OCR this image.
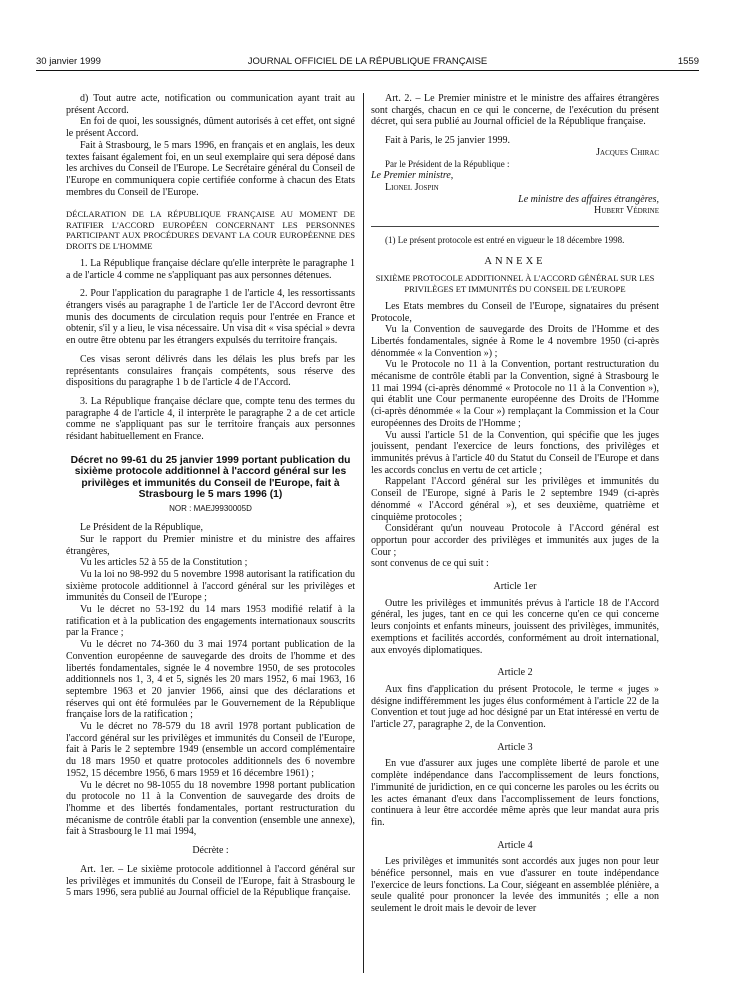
30 janvier 1999	JOURNAL OFFICIEL DE LA RÉPUBLIQUE FRANÇAISE	1559

d) Tout autre acte, notification ou communication ayant trait au présent Accord.

En foi de quoi, les soussignés, dûment autorisés à cet effet, ont signé le présent Accord.

Fait à Strasbourg, le 5 mars 1996, en français et en anglais, les deux textes faisant également foi, en un seul exemplaire qui sera déposé dans les archives du Conseil de l'Europe. Le Secrétaire général du Conseil de l'Europe en communiquera copie certifiée conforme à chacun des Etats membres du Conseil de l'Europe.

DÉCLARATION DE LA RÉPUBLIQUE FRANÇAISE AU MOMENT DE RATIFIER L'ACCORD EUROPÉEN CONCERNANT LES PERSONNES PARTICIPANT AUX PROCÉDURES DEVANT LA COUR EUROPÉENNE DES DROITS DE L'HOMME

1. La République française déclare qu'elle interprète le paragraphe 1 a de l'article 4 comme ne s'appliquant pas aux personnes détenues.

2. Pour l'application du paragraphe 1 de l'article 4, les ressortissants étrangers visés au paragraphe 1 de l'article 1er de l'Accord devront être munis des documents de circulation requis pour l'entrée en France et obtenir, s'il y a lieu, le visa nécessaire. Un visa dit « visa spécial » devra en outre être obtenu par les étrangers expulsés du territoire français.

Ces visas seront délivrés dans les délais les plus brefs par les représentants consulaires français compétents, sous réserve des dispositions du paragraphe 1 b de l'article 4 de l'Accord.

3. La République française déclare que, compte tenu des termes du paragraphe 4 de l'article 4, il interprète le paragraphe 2 a de cet article comme ne s'appliquant pas sur le territoire français aux personnes résidant habituellement en France.

Décret no 99-61 du 25 janvier 1999 portant publication du sixième protocole additionnel à l'accord général sur les privilèges et immunités du Conseil de l'Europe, fait à Strasbourg le 5 mars 1996 (1)

NOR : MAEJ9930005D

Le Président de la République,

Sur le rapport du Premier ministre et du ministre des affaires étrangères,

Vu les articles 52 à 55 de la Constitution ;

Vu la loi no 98-992 du 5 novembre 1998 autorisant la ratification du sixième protocole additionnel à l'accord général sur les privilèges et immunités du Conseil de l'Europe ;

Vu le décret no 53-192 du 14 mars 1953 modifié relatif à la ratification et à la publication des engagements internationaux souscrits par la France ;

Vu le décret no 74-360 du 3 mai 1974 portant publication de la Convention européenne de sauvegarde des droits de l'homme et des libertés fondamentales, signée le 4 novembre 1950, de ses protocoles additionnels nos 1, 3, 4 et 5, signés les 20 mars 1952, 6 mai 1963, 16 septembre 1963 et 20 janvier 1966, ainsi que des déclarations et réserves qui ont été formulées par le Gouvernement de la République française lors de la ratification ;

Vu le décret no 78-579 du 18 avril 1978 portant publication de l'accord général sur les privilèges et immunités du Conseil de l'Europe, fait à Paris le 2 septembre 1949 (ensemble un accord complémentaire du 18 mars 1950 et quatre protocoles additionnels des 6 novembre 1952, 15 décembre 1956, 6 mars 1959 et 16 décembre 1961) ;

Vu le décret no 98-1055 du 18 novembre 1998 portant publication du protocole no 11 à la Convention de sauvegarde des droits de l'homme et des libertés fondamentales, portant restructuration du mécanisme de contrôle établi par la convention (ensemble une annexe), fait à Strasbourg le 11 mai 1994,

Décrète :

Art. 1er. – Le sixième protocole additionnel à l'accord général sur les privilèges et immunités du Conseil de l'Europe, fait à Strasbourg le 5 mars 1996, sera publié au Journal officiel de la République française.

Art. 2. – Le Premier ministre et le ministre des affaires étrangères sont chargés, chacun en ce qui le concerne, de l'exécution du présent décret, qui sera publié au Journal officiel de la République française.

Fait à Paris, le 25 janvier 1999.

Jacques Chirac

Par le Président de la République :

Le Premier ministre,

Lionel Jospin

Le ministre des affaires étrangères,

Hubert Védrine

(1) Le présent protocole est entré en vigueur le 18 décembre 1998.

ANNEXE

SIXIÈME PROTOCOLE ADDITIONNEL À L'ACCORD GÉNÉRAL SUR LES PRIVILÈGES ET IMMUNITÉS DU CONSEIL DE L'EUROPE

Les Etats membres du Conseil de l'Europe, signataires du présent Protocole,

Vu la Convention de sauvegarde des Droits de l'Homme et des Libertés fondamentales, signée à Rome le 4 novembre 1950 (ci-après dénommée « la Convention ») ;

Vu le Protocole no 11 à la Convention, portant restructuration du mécanisme de contrôle établi par la Convention, signé à Strasbourg le 11 mai 1994 (ci-après dénommé « Protocole no 11 à la Convention »), qui établit une Cour permanente européenne des Droits de l'Homme (ci-après dénommée « la Cour ») remplaçant la Commission et la Cour européennes des Droits de l'Homme ;

Vu aussi l'article 51 de la Convention, qui spécifie que les juges jouissent, pendant l'exercice de leurs fonctions, des privilèges et immunités prévus à l'article 40 du Statut du Conseil de l'Europe et dans les accords conclus en vertu de cet article ;

Rappelant l'Accord général sur les privilèges et immunités du Conseil de l'Europe, signé à Paris le 2 septembre 1949 (ci-après dénommé « l'Accord général »), et ses deuxième, quatrième et cinquième protocoles ;

Considérant qu'un nouveau Protocole à l'Accord général est opportun pour accorder des privilèges et immunités aux juges de la Cour ;

sont convenus de ce qui suit :

Article 1er

Outre les privilèges et immunités prévus à l'article 18 de l'Accord général, les juges, tant en ce qui les concerne qu'en ce qui concerne leurs conjoints et enfants mineurs, jouissent des privilèges, immunités, exemptions et facilités accordés, conformément au droit international, aux envoyés diplomatiques.

Article 2

Aux fins d'application du présent Protocole, le terme « juges » désigne indifféremment les juges élus conformément à l'article 22 de la Convention et tout juge ad hoc désigné par un Etat intéressé en vertu de l'article 27, paragraphe 2, de la Convention.

Article 3

En vue d'assurer aux juges une complète liberté de parole et une complète indépendance dans l'accomplissement de leurs fonctions, l'immunité de juridiction, en ce qui concerne les paroles ou les écrits ou les actes émanant d'eux dans l'accomplissement de leurs fonctions, continuera à leur être accordée même après que leur mandat aura pris fin.

Article 4

Les privilèges et immunités sont accordés aux juges non pour leur bénéfice personnel, mais en vue d'assurer en toute indépendance l'exercice de leurs fonctions. La Cour, siégeant en assemblée plénière, a seule qualité pour prononcer la levée des immunités ; elle a non seulement le droit mais le devoir de lever
